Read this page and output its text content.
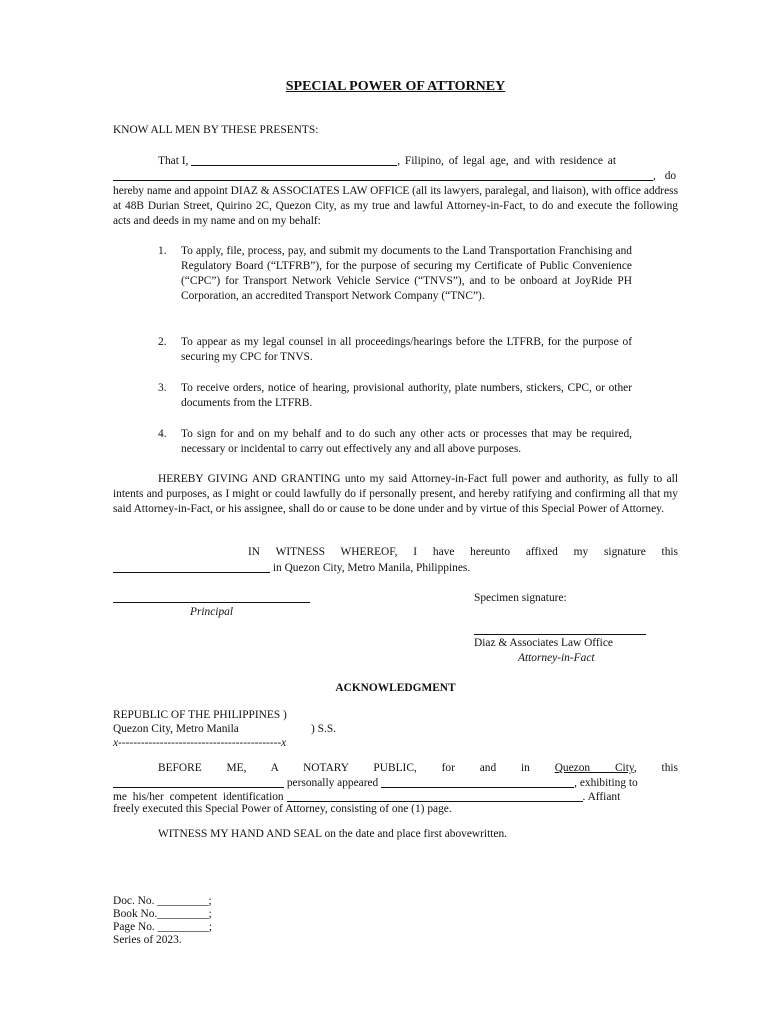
SPECIAL POWER OF ATTORNEY
KNOW ALL MEN BY THESE PRESENTS:
That I,	, Filipino, of legal age, and with residence at
, do
hereby name and appoint DIAZ & ASSOCIATES LAW OFFICE (all its lawyers, paralegal, and liaison), with office address at 48B Durian Street, Quirino 2C, Quezon City, as my true and lawful Attorney-in-Fact, to do and execute the following acts and deeds in my name and on my behalf:
1. To apply, file, process, pay, and submit my documents to the Land Transportation Franchising and Regulatory Board (“LTFRB”), for the purpose of securing my Certificate of Public Convenience (“CPC”) for Transport Network Vehicle Service (“TNVS”), and to be onboard at JoyRide PH Corporation, an accredited Transport Network Company (“TNC”).
2. To appear as my legal counsel in all proceedings/hearings before the LTFRB, for the purpose of securing my CPC for TNVS.
3. To receive orders, notice of hearing, provisional authority, plate numbers, stickers, CPC, or other documents from the LTFRB.
4. To sign for and on my behalf and to do such any other acts or processes that may be required, necessary or incidental to carry out effectively any and all above purposes.
HEREBY GIVING AND GRANTING unto my said Attorney-in-Fact full power and authority, as fully to all intents and purposes, as I might or could lawfully do if personally present, and hereby ratifying and confirming all that my said Attorney-in-Fact, or his assignee, shall do or cause to be done under and by virtue of this Special Power of Attorney.
IN WITNESS WHEREOF, I have hereunto affixed my signature this
in Quezon City, Metro Manila, Philippines.
Principal
Specimen signature:
Diaz & Associates Law Office
Attorney-in-Fact
ACKNOWLEDGMENT
REPUBLIC OF THE PHILIPPINES )
Quezon City, Metro Manila	) S.S.
x-------------------------------------------x
BEFORE ME, A NOTARY PUBLIC, for and in Quezon City, this
personally appeared	, exhibiting to
me his/her competent identification	. Affiant
freely executed this Special Power of Attorney, consisting of one (1) page.
WITNESS MY HAND AND SEAL on the date and place first abovewritten.
Doc. No. _________;
Book No._________;
Page No. _________;
Series of 2023.
